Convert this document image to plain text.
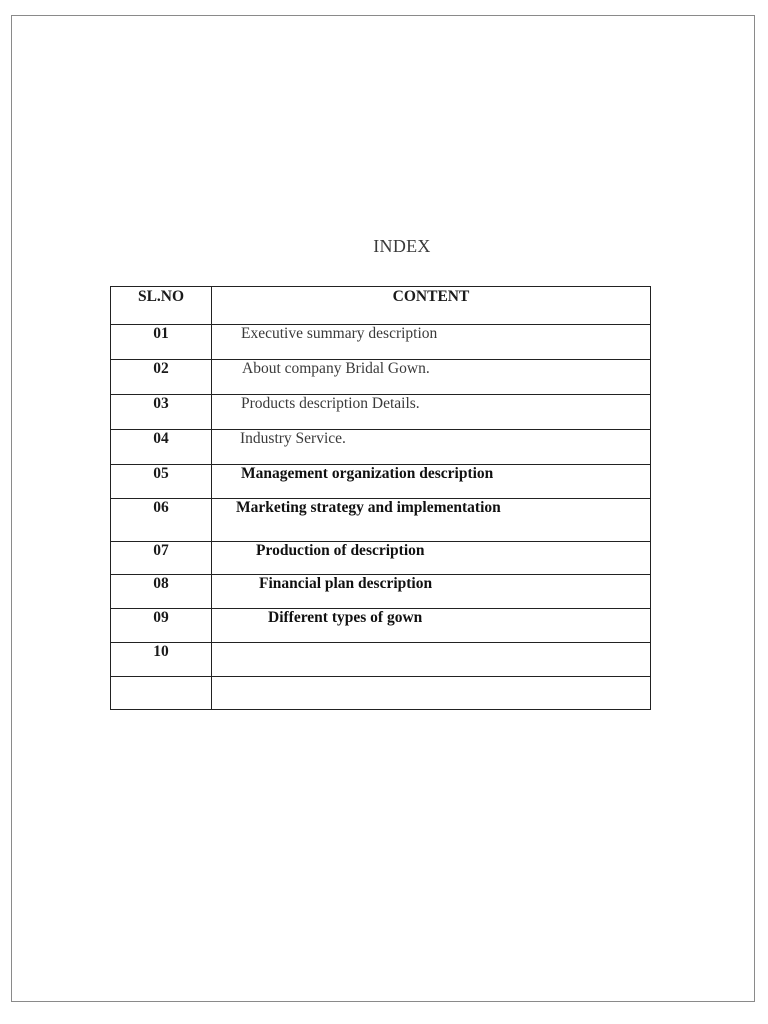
INDEX
SL.NO	CONTENT
01	Executive summary description
02	About company Bridal Gown.
03	Products description Details.
04	Industry Service.
05	Management organization description
06	Marketing strategy and implementation
07	Production of description
08	Financial plan description
09	Different types of gown
10	
